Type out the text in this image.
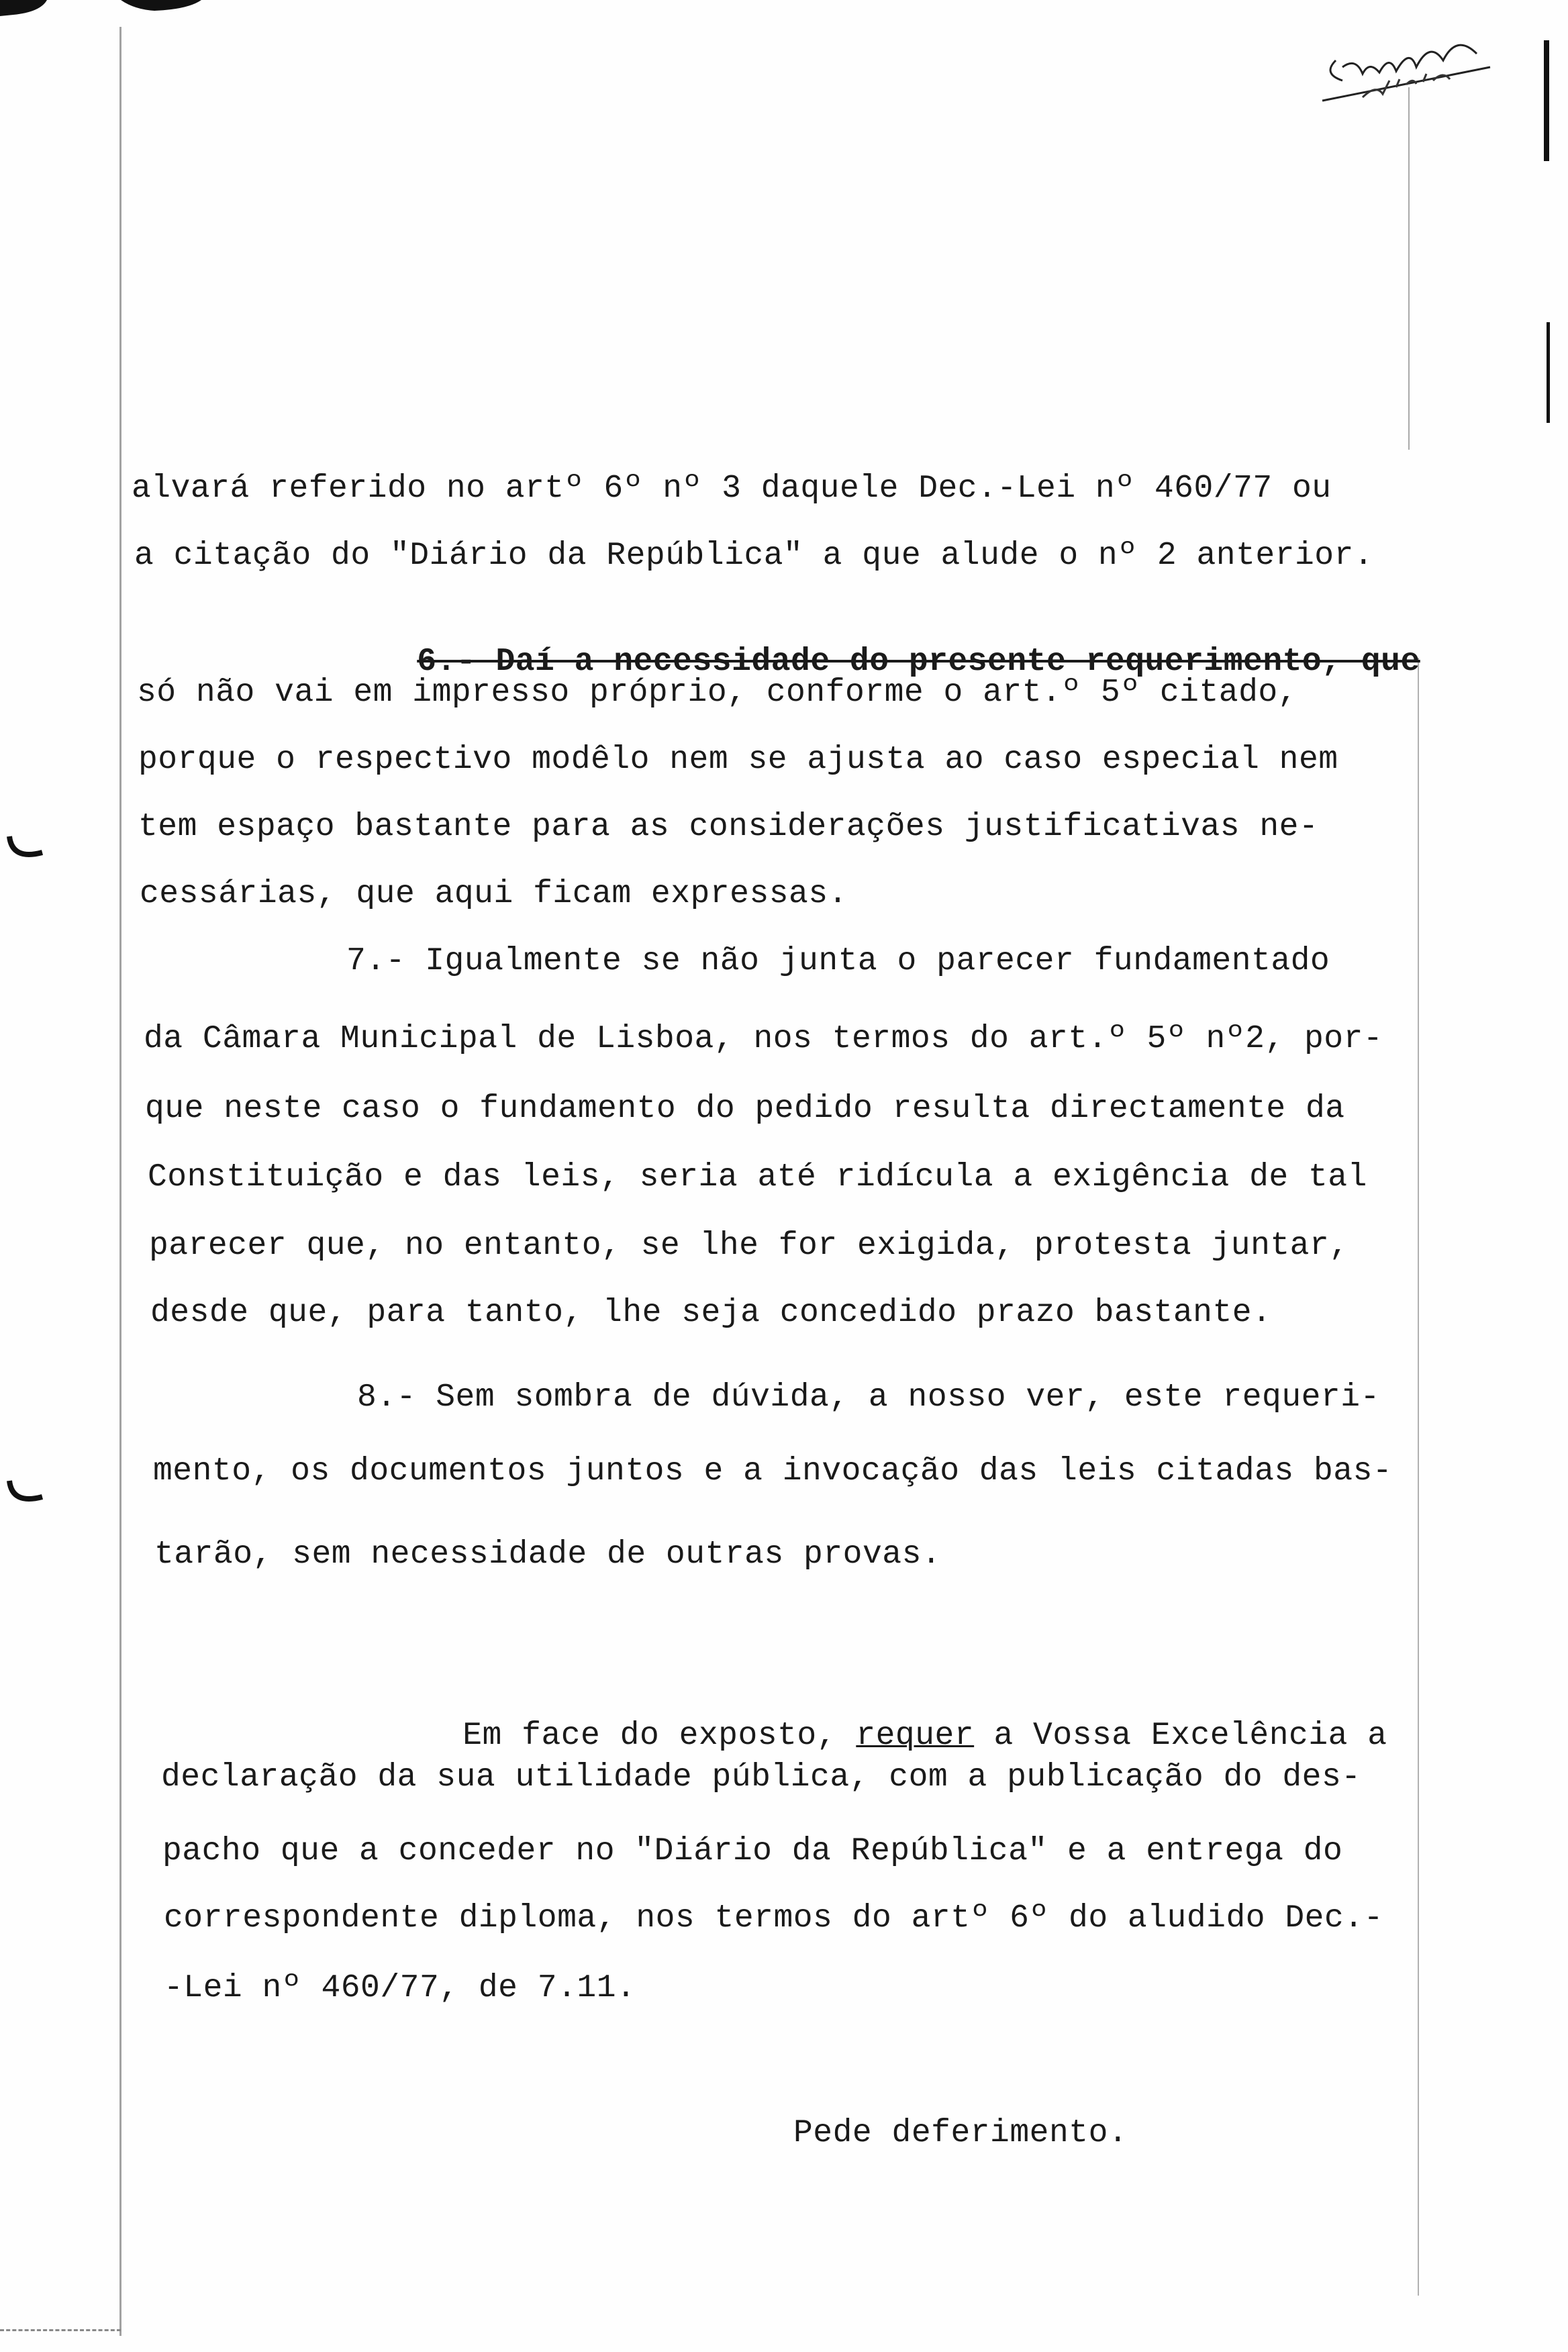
alvará referido no artº 6º nº 3 daquele Dec.-Lei nº 460/77 ou
a citação do "Diário da República" a que alude o nº 2 anterior.

6.- Daí a necessidade do presente requerimento, que

só não vai em impresso próprio, conforme o art.º 5º citado,
porque o respectivo modêlo nem se ajusta ao caso especial nem
tem espaço bastante para as considerações justificativas ne-
cessárias, que aqui ficam expressas.
7.- Igualmente se não junta o parecer fundamentado
da Câmara Municipal de Lisboa, nos termos do art.º 5º nº2, por-
que neste caso o fundamento do pedido resulta directamente da
Constituição e das leis, seria até ridícula a exigência de tal
parecer que, no entanto, se lhe for exigida, protesta juntar,
desde que, para tanto, lhe seja concedido prazo bastante.
8.- Sem sombra de dúvida, a nosso ver, este requeri-
mento, os documentos juntos e a invocação das leis citadas bas-
tarão, sem necessidade de outras provas.

Em face do exposto, requer a Vossa Excelência a

declaração da sua utilidade pública, com a publicação do des-
pacho que a conceder no "Diário da República" e a entrega do
correspondente diploma, nos termos do artº 6º do aludido Dec.-
-Lei nº 460/77, de 7.11.
Pede deferimento.
